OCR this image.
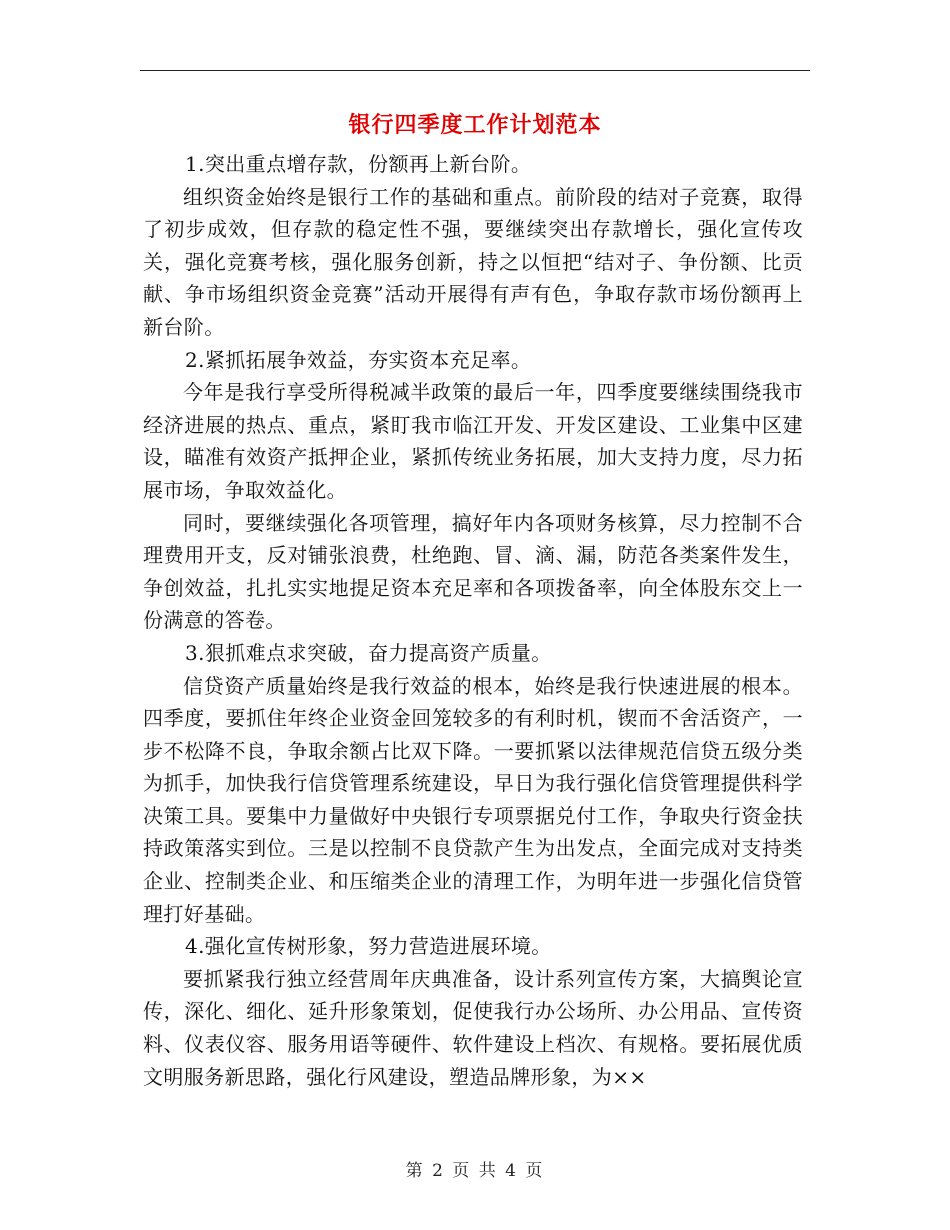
银行四季度工作计划范本

1.突出重点增存款，份额再上新台阶。

组织资金始终是银行工作的基础和重点。前阶段的结对子竞赛，取得了初步成效，但存款的稳定性不强，要继续突出存款增长，强化宣传攻关，强化竞赛考核，强化服务创新，持之以恒把“结对子、争份额、比贡献、争市场组织资金竞赛”活动开展得有声有色，争取存款市场份额再上新台阶。

2.紧抓拓展争效益，夯实资本充足率。

今年是我行享受所得税减半政策的最后一年，四季度要继续围绕我市经济进展的热点、重点，紧盯我市临江开发、开发区建设、工业集中区建设，瞄准有效资产抵押企业，紧抓传统业务拓展，加大支持力度，尽力拓展市场，争取效益化。

同时，要继续强化各项管理，搞好年内各项财务核算，尽力控制不合理费用开支，反对铺张浪费，杜绝跑、冒、滴、漏，防范各类案件发生，争创效益，扎扎实实地提足资本充足率和各项拨备率，向全体股东交上一份满意的答卷。

3.狠抓难点求突破，奋力提高资产质量。

信贷资产质量始终是我行效益的根本，始终是我行快速进展的根本。四季度，要抓住年终企业资金回笼较多的有利时机，锲而不舍活资产，一步不松降不良，争取余额占比双下降。一要抓紧以法律规范信贷五级分类为抓手，加快我行信贷管理系统建设，早日为我行强化信贷管理提供科学决策工具。要集中力量做好中央银行专项票据兑付工作，争取央行资金扶持政策落实到位。三是以控制不良贷款产生为出发点，全面完成对支持类企业、控制类企业、和压缩类企业的清理工作，为明年进一步强化信贷管理打好基础。

4.强化宣传树形象，努力营造进展环境。

要抓紧我行独立经营周年庆典准备，设计系列宣传方案，大搞舆论宣传，深化、细化、延升形象策划，促使我行办公场所、办公用品、宣传资料、仪表仪容、服务用语等硬件、软件建设上档次、有规格。要拓展优质文明服务新思路，强化行风建设，塑造品牌形象，为××

第 2 页 共 4 页
